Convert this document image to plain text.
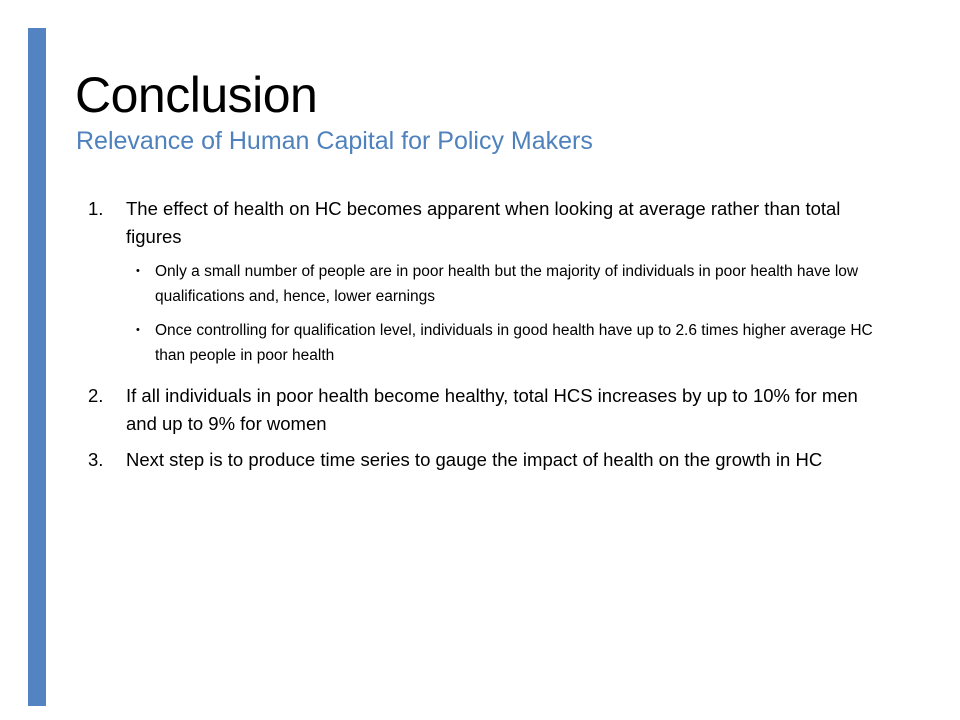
Conclusion
Relevance of Human Capital for Policy Makers
1.	The effect of health on HC becomes apparent when looking at average rather than total figures
• Only a small number of people are in poor health but the majority of individuals in poor health have low qualifications and, hence, lower earnings
• Once controlling for qualification level, individuals in good health have up to 2.6 times higher average HC than people in poor health
2.	If all individuals in poor health become healthy, total HCS increases by up to 10% for men and up to 9% for women
3.	Next step is to produce time series to gauge the impact of health on the growth in HC
